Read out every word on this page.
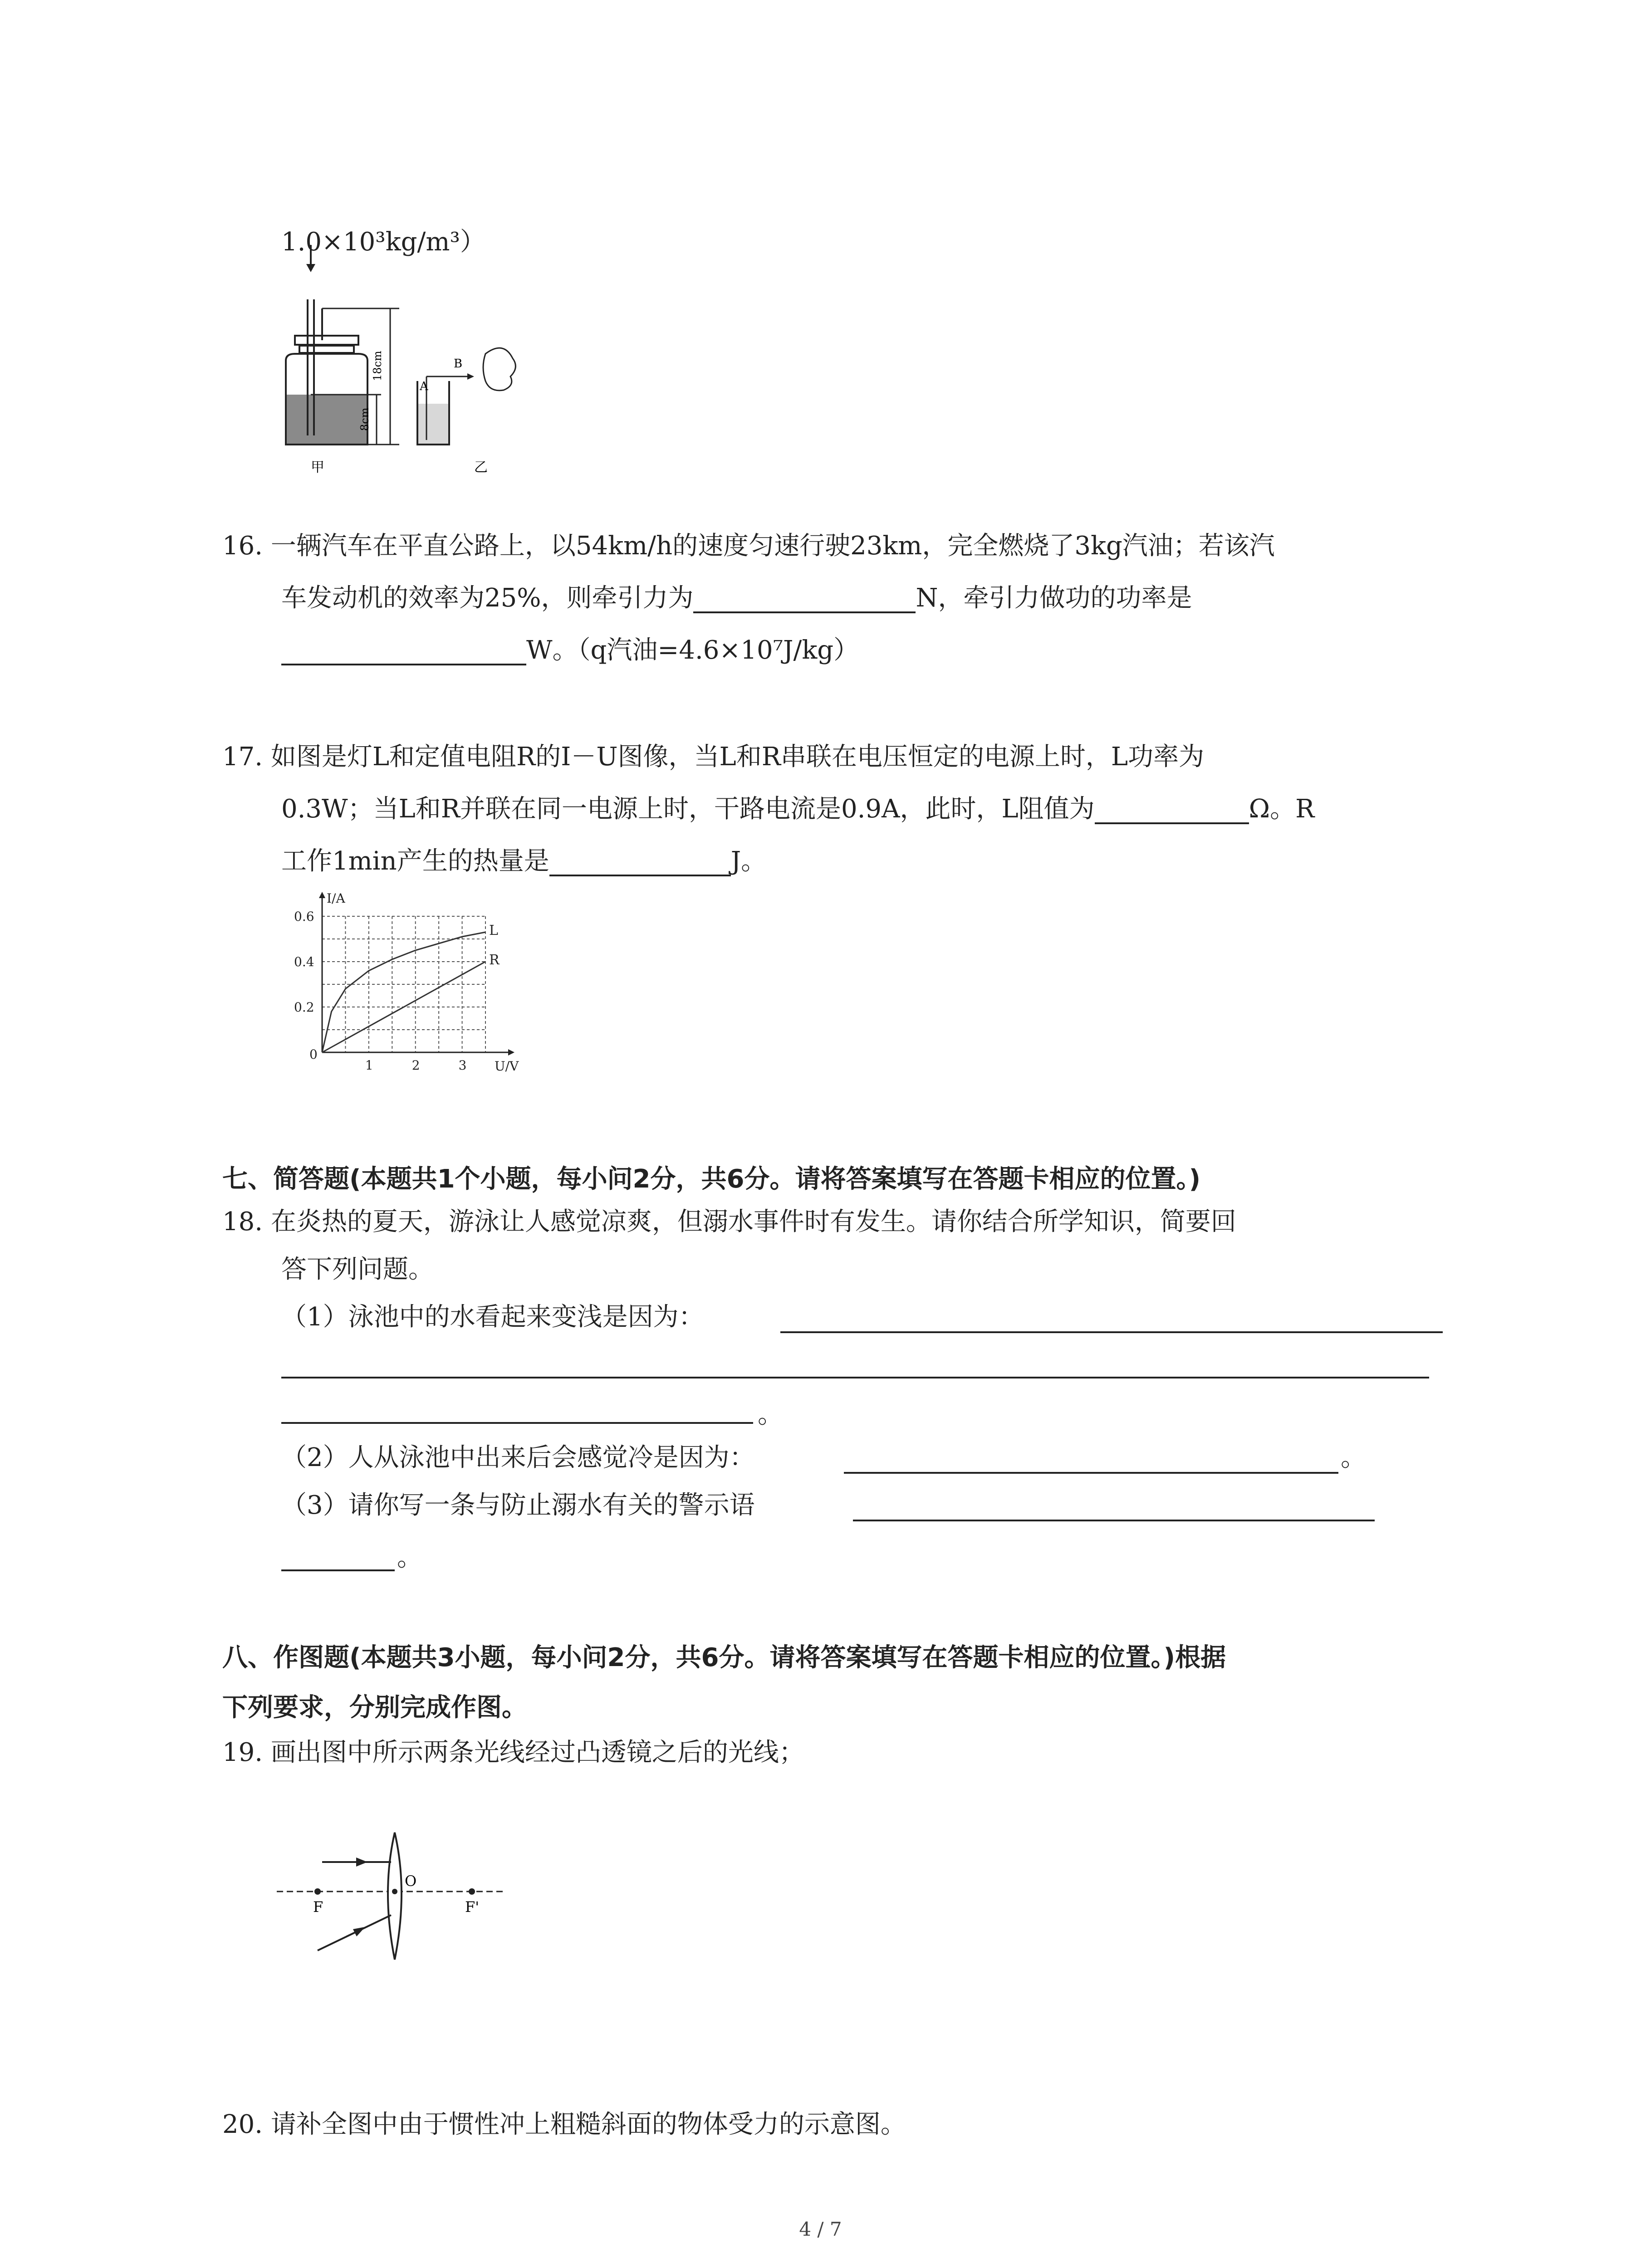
1.0×10³kg/m³）
18cm
8cm
A
B
甲	乙
16. 一辆汽车在平直公路上，以54km/h的速度匀速行驶23km，完全燃烧了3kg汽油；若该汽
车发动机的效率为25%，则牵引力为	N，牵引力做功的功率是
W。（q汽油=4.6×10⁷J/kg）
17. 如图是灯L和定值电阻R的I－U图像，当L和R串联在电压恒定的电源上时，L功率为
0.3W；当L和R并联在同一电源上时，干路电流是0.9A，此时，L阻值为	Ω。R
工作1min产生的热量是	J。
L
R
1	2	3
0.2
0.4
0.6
0
U/V
I/A
七、简答题(本题共1个小题，每小问2分，共6分。请将答案填写在答题卡相应的位置。)
18. 在炎热的夏天，游泳让人感觉凉爽，但溺水事件时有发生。请你结合所学知识，简要回
答下列问题。
（1）泳池中的水看起来变浅是因为：
。
（2）人从泳池中出来后会感觉冷是因为：	。
（3）请你写一条与防止溺水有关的警示语
。
八、作图题(本题共3小题，每小问2分，共6分。请将答案填写在答题卡相应的位置。)根据
下列要求，分别完成作图。
19. 画出图中所示两条光线经过凸透镜之后的光线；
F	F'
O
20. 请补全图中由于惯性冲上粗糙斜面的物体受力的示意图。
4 / 7
